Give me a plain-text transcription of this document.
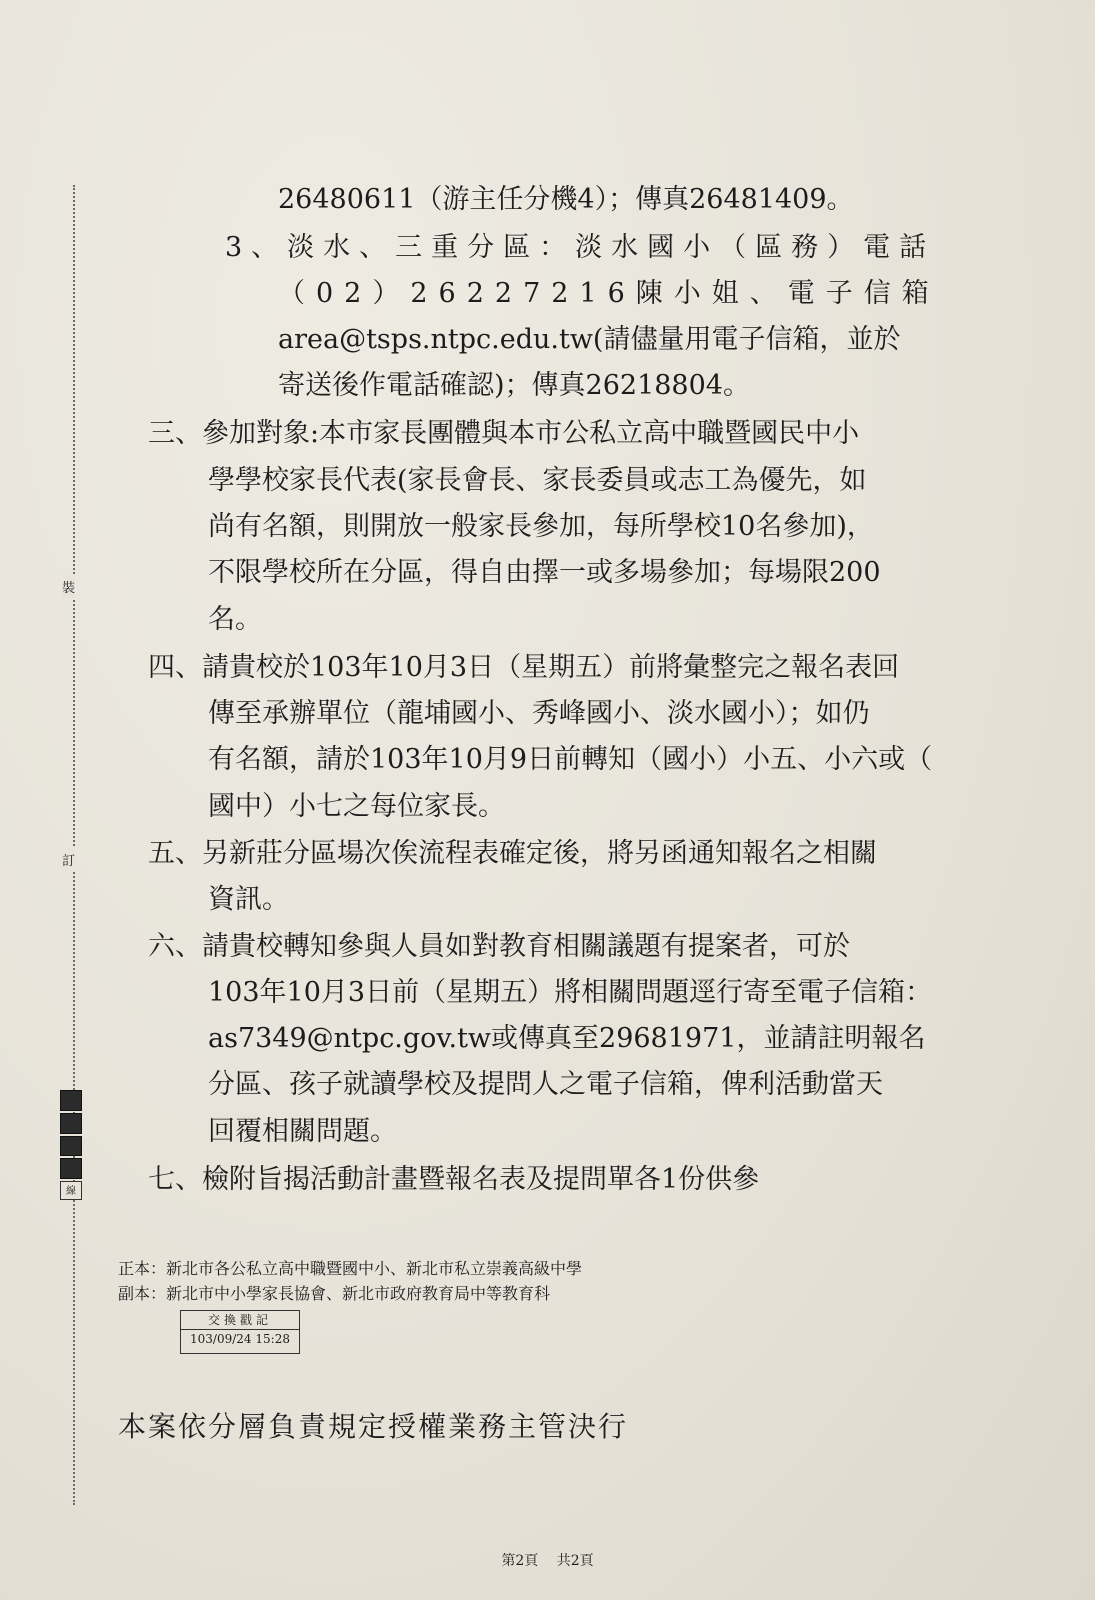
裝
訂
線
26480611（游主任分機4）；傳真26481409。
3、淡水、三重分區：淡水國小（區務）電話
（02）26227216陳小姐、電子信箱
area@tsps.ntpc.edu.tw(請儘量用電子信箱，並於
寄送後作電話確認)；傳真26218804。
三、參加對象:本市家長團體與本市公私立高中職暨國民中小
學學校家長代表(家長會長、家長委員或志工為優先，如
尚有名額，則開放一般家長參加，每所學校10名參加)，
不限學校所在分區，得自由擇一或多場參加；每場限200
名。
四、請貴校於103年10月3日（星期五）前將彙整完之報名表回
傳至承辦單位（龍埔國小、秀峰國小、淡水國小）；如仍
有名額，請於103年10月9日前轉知（國小）小五、小六或（
國中）小七之每位家長。
五、另新莊分區場次俟流程表確定後，將另函通知報名之相關
資訊。
六、請貴校轉知參與人員如對教育相關議題有提案者，可於
103年10月3日前（星期五）將相關問題逕行寄至電子信箱：
as7349@ntpc.gov.tw或傳真至29681971，並請註明報名
分區、孩子就讀學校及提問人之電子信箱，俾利活動當天
回覆相關問題。
七、檢附旨揭活動計畫暨報名表及提問單各1份供參
正本：新北市各公私立高中職暨國中小、新北市私立崇義高級中學
副本：新北市中小學家長協會、新北市政府教育局中等教育科
交換戳記
103/09/24 15:28
本案依分層負責規定授權業務主管決行
第2頁 共2頁
